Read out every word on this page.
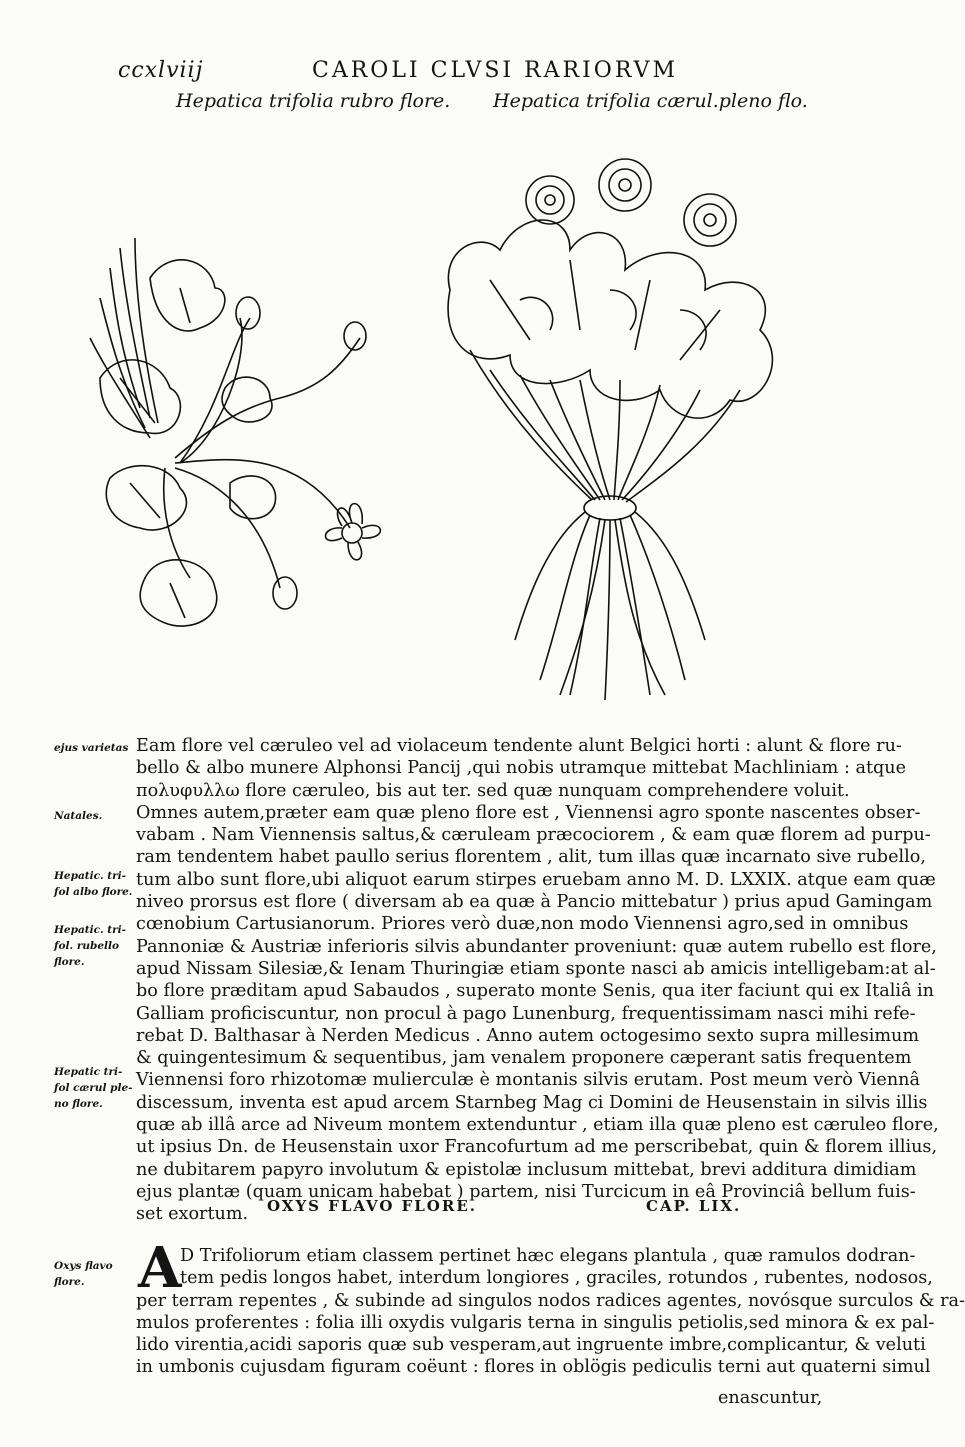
ccxlviij	CAROLI CLVSI RARIORVM
Hepatica trifolia rubro flore. Hepatica trifolia cærul.pleno flo.
ejus varietas
Natales.
Hepatic. tri-
fol albo flore.
Hepatic. tri-
fol. rubello
flore.
Hepatic tri-
fol cærul ple-
no flore.
Oxys flavo
flore.
Eam flore vel cæruleo vel ad violaceum tendente alunt Belgici horti : alunt & flore ru-
bello & albo munere Alphonsi Pancij ,qui nobis utramque mittebat Machliniam : atque
πολυφυλλω flore cæruleo, bis aut ter. sed quæ nunquam comprehendere voluit.
Omnes autem,præter eam quæ pleno flore est , Viennensi agro sponte nascentes obser-
vabam . Nam Viennensis saltus,& cæruleam præcociorem , & eam quæ florem ad purpu-
ram tendentem habet paullo serius florentem , alit, tum illas quæ incarnato sive rubello,
tum albo sunt flore,ubi aliquot earum stirpes eruebam anno M. D. LXXIX. atque eam quæ
niveo prorsus est flore ( diversam ab ea quæ à Pancio mittebatur ) prius apud Gamingam
cœnobium Cartusianorum. Priores verò duæ,non modo Viennensi agro,sed in omnibus
Pannoniæ & Austriæ inferioris silvis abundanter proveniunt: quæ autem rubello est flore,
apud Nissam Silesiæ,& Ienam Thuringiæ etiam sponte nasci ab amicis intelligebam:at al-
bo flore præditam apud Sabaudos , superato monte Senis, qua iter faciunt qui ex Italiâ in
Galliam proficiscuntur, non procul à pago Lunenburg, frequentissimam nasci mihi refe-
rebat D. Balthasar à Nerden Medicus . Anno autem octogesimo sexto supra millesimum
& quingentesimum & sequentibus, jam venalem proponere cæperant satis frequentem
Viennensi foro rhizotomæ mulierculæ è montanis silvis erutam. Post meum verò Viennâ
discessum, inventa est apud arcem Starnbeg Mag ci Domini de Heusenstain in silvis illis
quæ ab illâ arce ad Niveum montem extenduntur , etiam illa quæ pleno est cæruleo flore,
ut ipsius Dn. de Heusenstain uxor Francofurtum ad me perscribebat, quin & florem illius,
ne dubitarem papyro involutum & epistolæ inclusum mittebat, brevi additura dimidiam
ejus plantæ (quam unicam habebat ) partem, nisi Turcicum in eâ Provinciâ bellum fuis-
set exortum.	OXYS FLAVO FLORE.	CAP. LIX.
A
D Trifoliorum etiam classem pertinet hæc elegans plantula , quæ ramulos dodran-
tem pedis longos habet, interdum longiores , graciles, rotundos , rubentes, nodosos,
per terram repentes , & subinde ad singulos nodos radices agentes, novósque surculos & ra-
mulos proferentes : folia illi oxydis vulgaris terna in singulis petiolis,sed minora & ex pal-
lido virentia,acidi saporis quæ sub vesperam,aut ingruente imbre,complicantur, & veluti
in umbonis cujusdam figuram coëunt : flores in oblögis pediculis terni aut quaterni simul
enascuntur,
